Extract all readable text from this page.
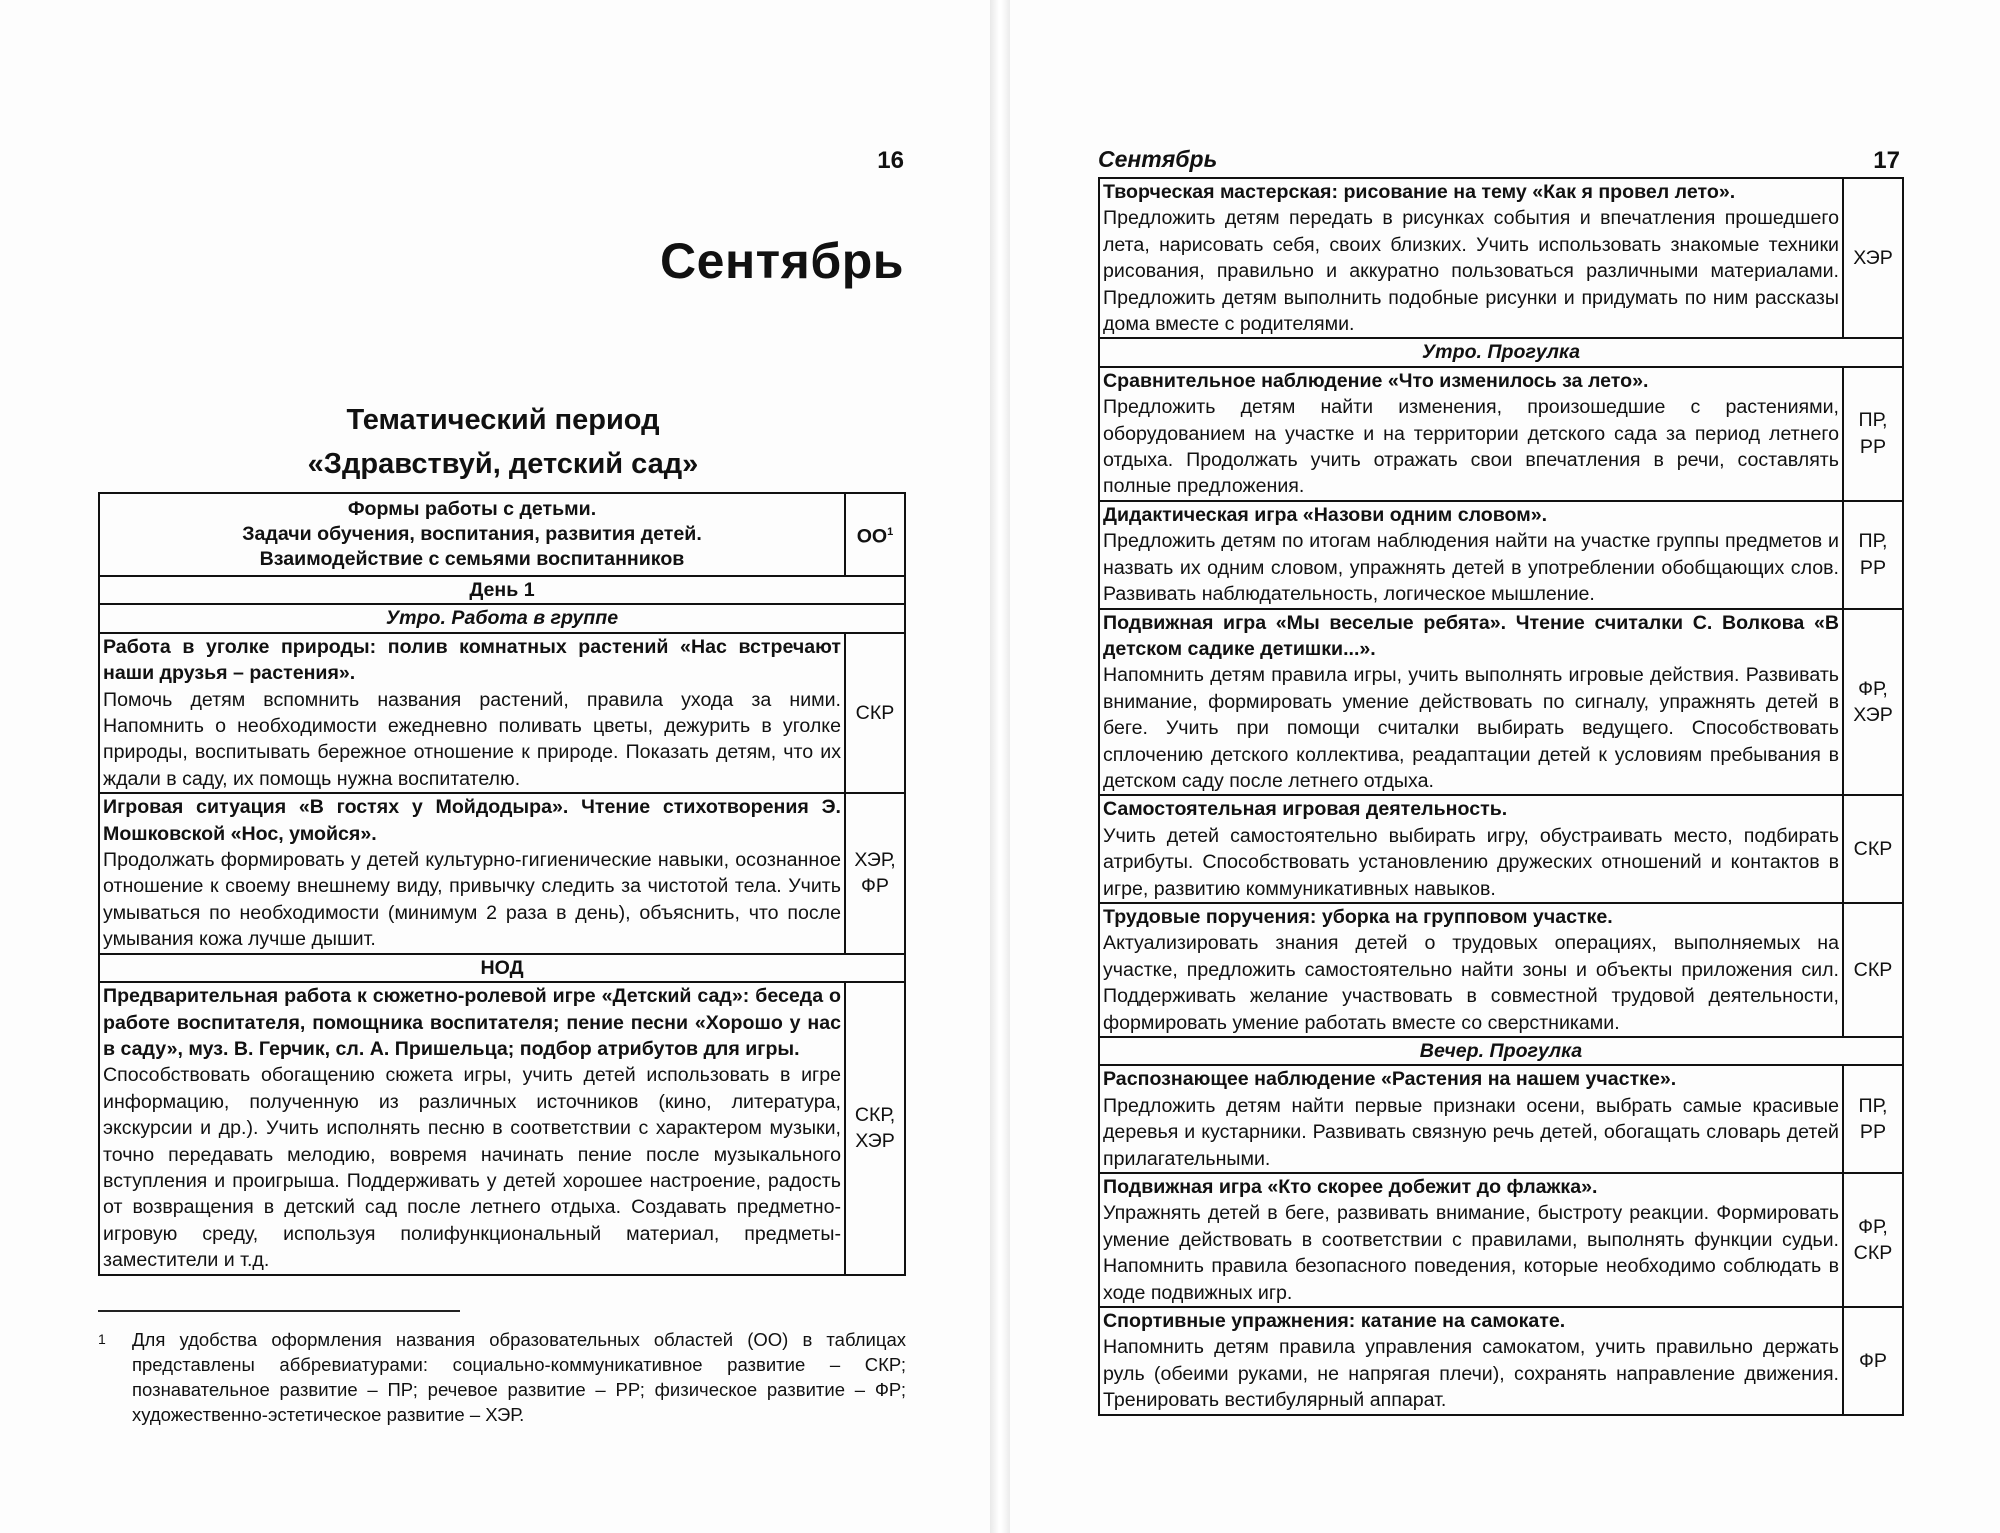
16
Сентябрь
Тематический период
«Здравствуй, детский сад»
Формы работы с детьми.
Задачи обучения, воспитания, развития детей.
Взаимодействие с семьями воспитанников	$ОО^1$
День 1	
Утро. Работа в группе	

Работа в уголке природы: полив комнатных растений «Нас встречают наши друзья – растения».
Помочь детям вспомнить названия растений, правила ухода за ними. Напомнить о необходимости ежедневно поливать цветы, дежурить в уголке природы, воспитывать бережное отношение к природе. Показать детям, что их ждали в саду, их помощь нужна воспитателю.	СКР

Игровая ситуация «В гостях у Мойдодыра». Чтение стихотворения Э. Мошковской «Нос, умойся».
Продолжать формировать у детей культурно-гигиенические навыки, осознанное отношение к своему внешнему виду, привычку следить за чистотой тела. Учить умываться по необходимости (минимум 2 раза в день), объяснить, что после умывания кожа лучше дышит.	ХЭР, ФР
НОД	

Предварительная работа к сюжетно-ролевой игре «Детский сад»: беседа о работе воспитателя, помощника воспитателя; пение песни «Хорошо у нас в саду», муз. В. Герчик, сл. А. Пришельца; подбор атрибутов для игры.
Способствовать обогащению сюжета игры, учить детей использовать в игре информацию, полученную из различных источников (кино, литература, экскурсии и др.). Учить исполнять песню в соответствии с характером музыки, точно передавать мелодию, вовремя начинать пение после музыкального вступления и проигрыша. Поддерживать у детей хорошее настроение, радость от возвращения в детский сад после летнего отдыха. Создавать предметно-игровую среду, используя полифункциональный материал, предметы-заместители и т.д.	СКР, ХЭР
1 Для удобства оформления названия образовательных областей (ОО) в таблицах представлены аббревиатурами: социально-коммуникативное развитие – СКР; познавательное развитие – ПР; речевое развитие – РР; физическое развитие – ФР; художественно-эстетическое развитие – ХЭР.
Сентябрь	17
Творческая мастерская: рисование на тему «Как я провел лето».
Предложить детям передать в рисунках события и впечатления прошедшего лета, нарисовать себя, своих близких. Учить использовать знакомые техники рисования, правильно и аккуратно пользоваться различными материалами. Предложить детям выполнить подобные рисунки и придумать по ним рассказы дома вместе с родителями.	ХЭР
Утро. Прогулка	

Сравнительное наблюдение «Что изменилось за лето».
Предложить детям найти изменения, произошедшие с растениями, оборудованием на участке и на территории детского сада за период летнего отдыха. Продолжать учить отражать свои впечатления в речи, составлять полные предложения.	ПР, РР

Дидактическая игра «Назови одним словом».
Предложить детям по итогам наблюдения найти на участке группы предметов и назвать их одним словом, упражнять детей в употреблении обобщающих слов. Развивать наблюдательность, логическое мышление.	ПР, РР

Подвижная игра «Мы веселые ребята». Чтение считалки С. Волкова «В детском садике детишки...».
Напомнить детям правила игры, учить выполнять игровые действия. Развивать внимание, формировать умение действовать по сигналу, упражнять детей в беге. Учить при помощи считалки выбирать ведущего. Способствовать сплочению детского коллектива, реадаптации детей к условиям пребывания в детском саду после летнего отдыха.	ФР, ХЭР

Самостоятельная игровая деятельность.
Учить детей самостоятельно выбирать игру, обустраивать место, подбирать атрибуты. Способствовать установлению дружеских отношений и контактов в игре, развитию коммуникативных навыков.	СКР

Трудовые поручения: уборка на групповом участке.
Актуализировать знания детей о трудовых операциях, выполняемых на участке, предложить самостоятельно найти зоны и объекты приложения сил. Поддерживать желание участвовать в совместной трудовой деятельности, формировать умение работать вместе со сверстниками.	СКР
Вечер. Прогулка	

Распознающее наблюдение «Растения на нашем участке».
Предложить детям найти первые признаки осени, выбрать самые красивые деревья и кустарники. Развивать связную речь детей, обогащать словарь детей прилагательными.	ПР, РР

Подвижная игра «Кто скорее добежит до флажка».
Упражнять детей в беге, развивать внимание, быстроту реакции. Формировать умение действовать в соответствии с правилами, выполнять функции судьи. Напомнить правила безопасного поведения, которые необходимо соблюдать в ходе подвижных игр.	ФР, СКР

Спортивные упражнения: катание на самокате.
Напомнить детям правила управления самокатом, учить правильно держать руль (обеими руками, не напрягая плечи), сохранять направление движения. Тренировать вестибулярный аппарат.	ФР
